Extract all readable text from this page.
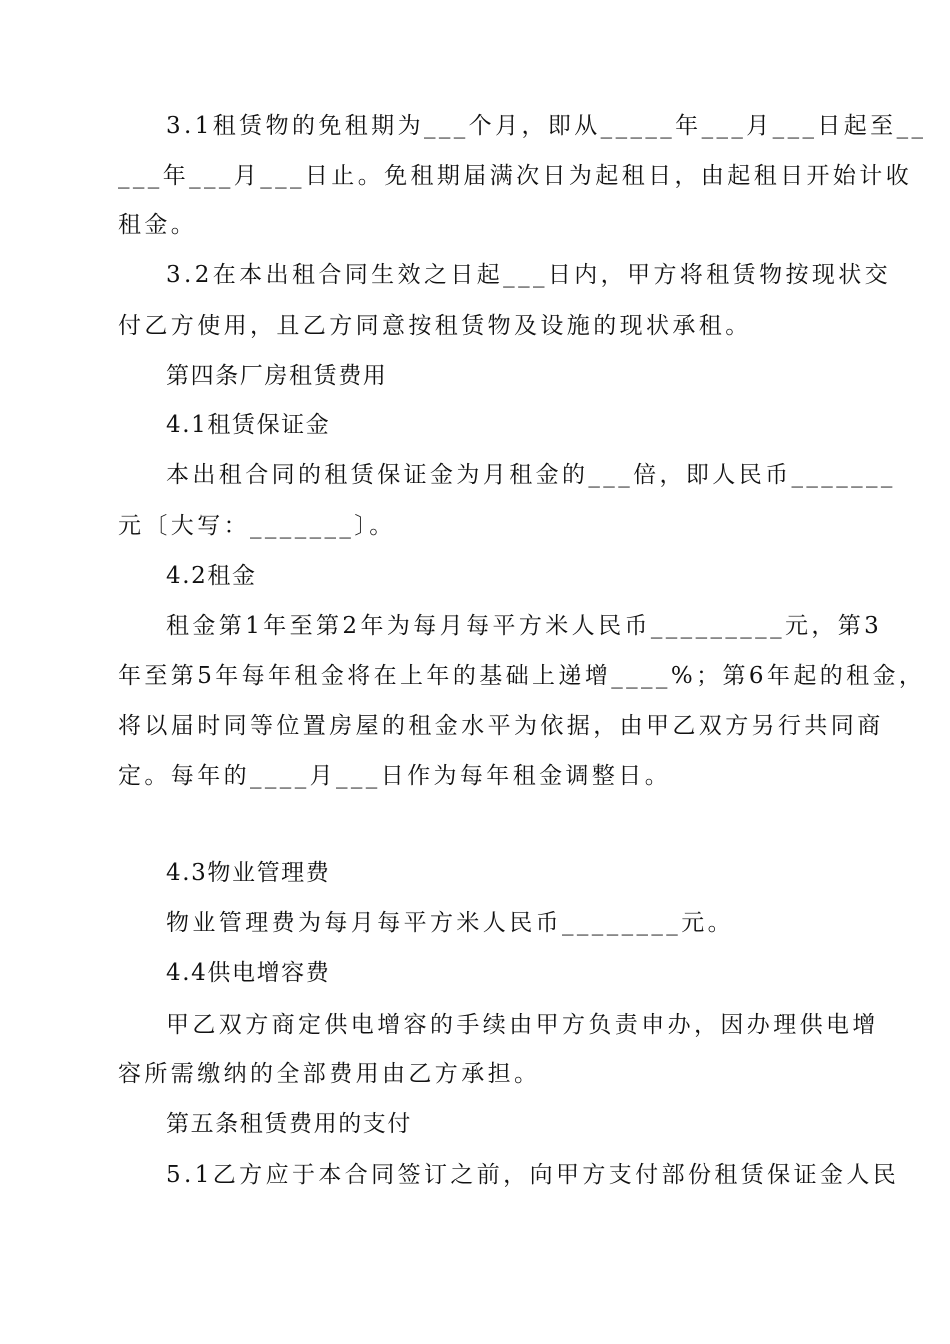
3.1租赁物的免租期为___个月，即从_____年___月___日起至__
___年___月___日止。免租期届满次日为起租日，由起租日开始计收
租金。
3.2在本出租合同生效之日起___日内，甲方将租赁物按现状交
付乙方使用，且乙方同意按租赁物及设施的现状承租。
第四条厂房租赁费用
4.1租赁保证金
本出租合同的租赁保证金为月租金的___倍，即人民币_______
元〔大写：_______〕。
4.2租金
租金第1年至第2年为每月每平方米人民币_________元，第3
年至第5年每年租金将在上年的基础上递增____%；第6年起的租金，
将以届时同等位置房屋的租金水平为依据，由甲乙双方另行共同商
定。每年的____月___日作为每年租金调整日。
4.3物业管理费
物业管理费为每月每平方米人民币________元。
4.4供电增容费
甲乙双方商定供电增容的手续由甲方负责申办，因办理供电增
容所需缴纳的全部费用由乙方承担。
第五条租赁费用的支付
5.1乙方应于本合同签订之前，向甲方支付部份租赁保证金人民
